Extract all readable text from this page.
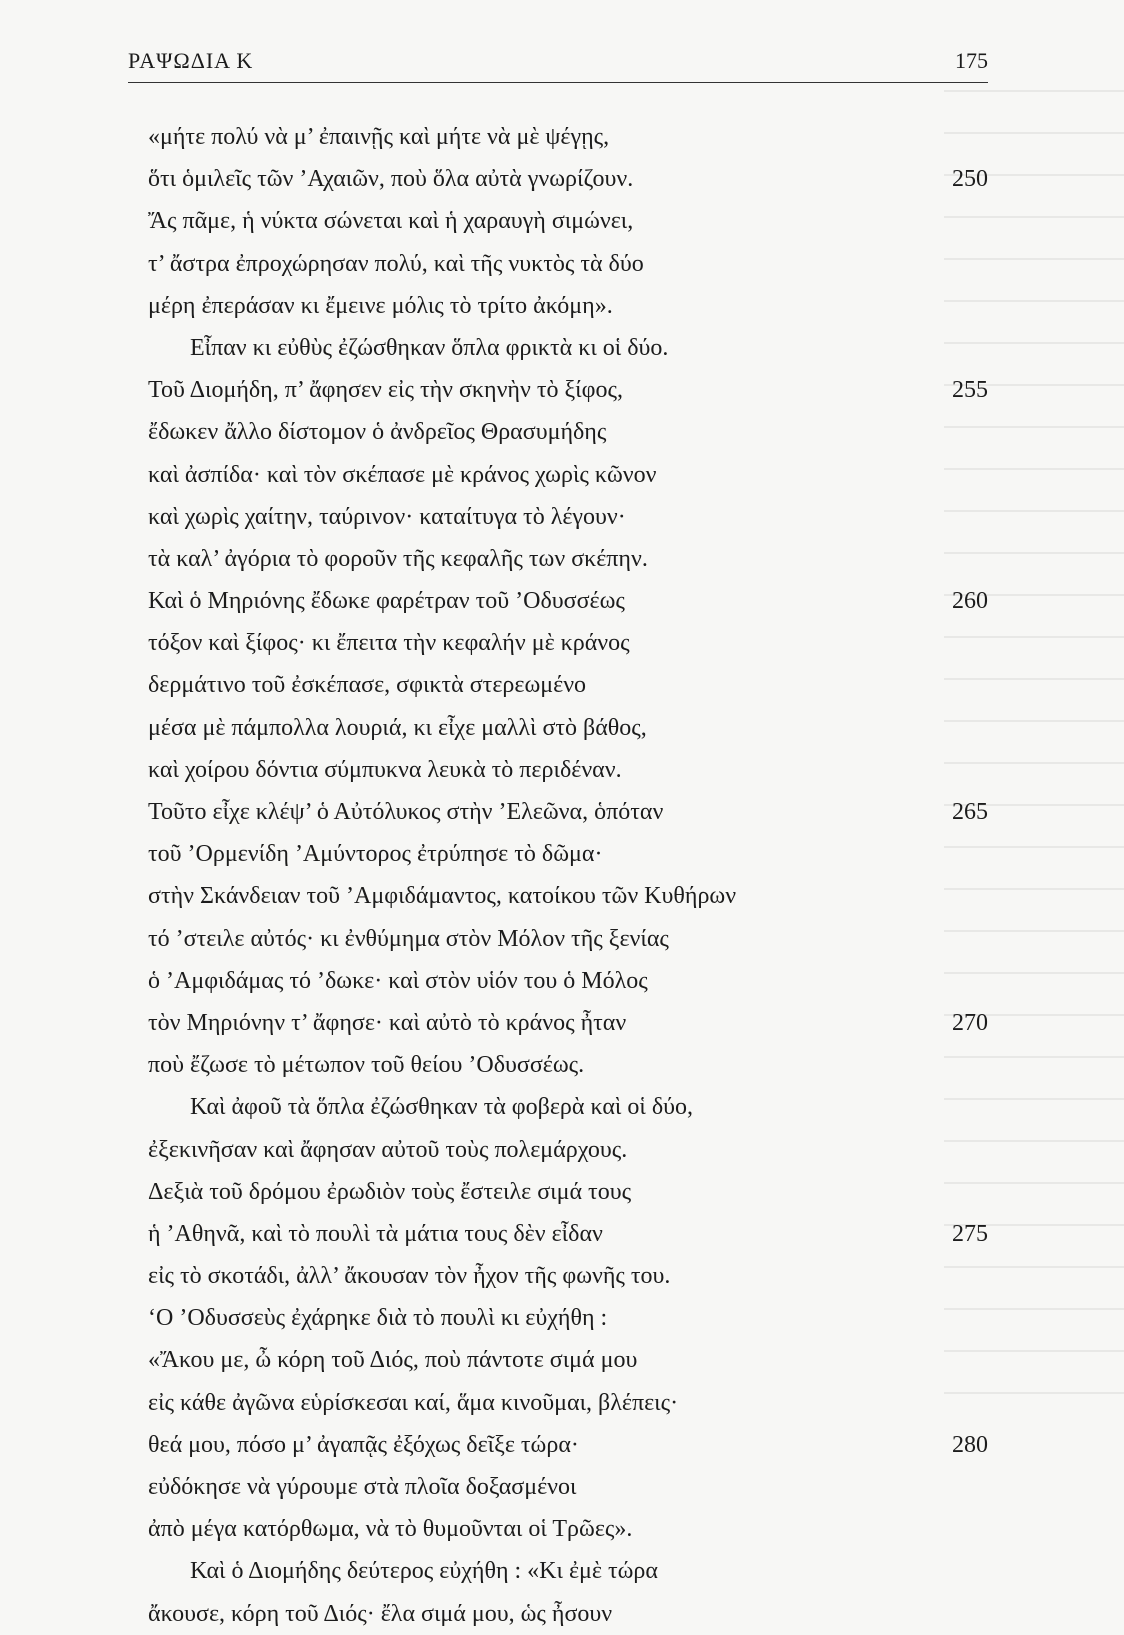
ΡΑΨΩΔΙΑ Κ	175
«μήτε πολύ νὰ μ’ ἐπαινῇς καὶ μήτε νὰ μὲ ψέγῃς,
ὅτι ὁμιλεῖς τῶν ’Αχαιῶν, ποὺ ὅλα αὐτὰ γνωρίζουν.	250
Ἄς πᾶμε, ἡ νύκτα σώνεται καὶ ἡ χαραυγὴ σιμώνει,
τ’ ἄστρα ἐπροχώρησαν πολύ, καὶ τῆς νυκτὸς τὰ δύο
μέρη ἐπεράσαν κι ἔμεινε μόλις τὸ τρίτο ἀκόμη».
Εἶπαν κι εὐθὺς ἐζώσθηκαν ὅπλα φρικτὰ κι οἱ δύο.
Τοῦ Διομήδη, π’ ἄφησεν εἰς τὴν σκηνὴν τὸ ξίφος,	255
ἔδωκεν ἄλλο δίστομον ὁ ἀνδρεῖος Θρασυμήδης
καὶ ἀσπίδα· καὶ τὸν σκέπασε μὲ κράνος χωρὶς κῶνον
καὶ χωρὶς χαίτην, ταύρινον· καταίτυγα τὸ λέγουν·
τὰ καλ’ ἀγόρια τὸ φοροῦν τῆς κεφαλῆς των σκέπην.
Καὶ ὁ Μηριόνης ἔδωκε φαρέτραν τοῦ ’Οδυσσέως	260
τόξον καὶ ξίφος· κι ἔπειτα τὴν κεφαλήν μὲ κράνος
δερμάτινο τοῦ ἐσκέπασε, σφικτὰ στερεωμένο
μέσα μὲ πάμπολλα λουριά, κι εἶχε μαλλὶ στὸ βάθος,
καὶ χοίρου δόντια σύμπυκνα λευκὰ τὸ περιδέναν.
Τοῦτο εἶχε κλέψ’ ὁ Αὐτόλυκος στὴν ’Ελεῶνα, ὁπόταν	265
τοῦ ’Ορμενίδη ’Αμύντορος ἐτρύπησε τὸ δῶμα·
στὴν Σκάνδειαν τοῦ ’Αμφιδάμαντος, κατοίκου τῶν Κυθήρων
τό ’στειλε αὐτός· κι ἐνθύμημα στὸν Μόλον τῆς ξενίας
ὁ ’Αμφιδάμας τό ’δωκε· καὶ στὸν υἱόν του ὁ Μόλος
τὸν Μηριόνην τ’ ἄφησε· καὶ αὐτὸ τὸ κράνος ἦταν	270
ποὺ ἔζωσε τὸ μέτωπον τοῦ θείου ’Οδυσσέως.
Καὶ ἀφοῦ τὰ ὅπλα ἐζώσθηκαν τὰ φοβερὰ καὶ οἱ δύο,
ἐξεκινῆσαν καὶ ἄφησαν αὐτοῦ τοὺς πολεμάρχους.
Δεξιὰ τοῦ δρόμου ἐρωδιὸν τοὺς ἔστειλε σιμά τους
ἡ ’Αθηνᾶ, καὶ τὸ πουλὶ τὰ μάτια τους δὲν εἶδαν	275
εἰς τὸ σκοτάδι, ἀλλ’ ἄκουσαν τὸν ἦχον τῆς φωνῆς του.
‘Ο ’Οδυσσεὺς ἐχάρηκε διὰ τὸ πουλὶ κι εὐχήθη :
«Ἄκου με, ὦ κόρη τοῦ Διός, ποὺ πάντοτε σιμά μου
εἰς κάθε ἀγῶνα εὑρίσκεσαι καί, ἅμα κινοῦμαι, βλέπεις·
θεά μου, πόσο μ’ ἀγαπᾷς ἐξόχως δεῖξε τώρα·	280
εὐδόκησε νὰ γύρουμε στὰ πλοῖα δοξασμένοι
ἀπὸ μέγα κατόρθωμα, νὰ τὸ θυμοῦνται οἱ Τρῶες».
Καὶ ὁ Διομήδης δεύτερος εὐχήθη : «Κι ἐμὲ τώρα
ἄκουσε, κόρη τοῦ Διός· ἔλα σιμά μου, ὡς ἦσουν
